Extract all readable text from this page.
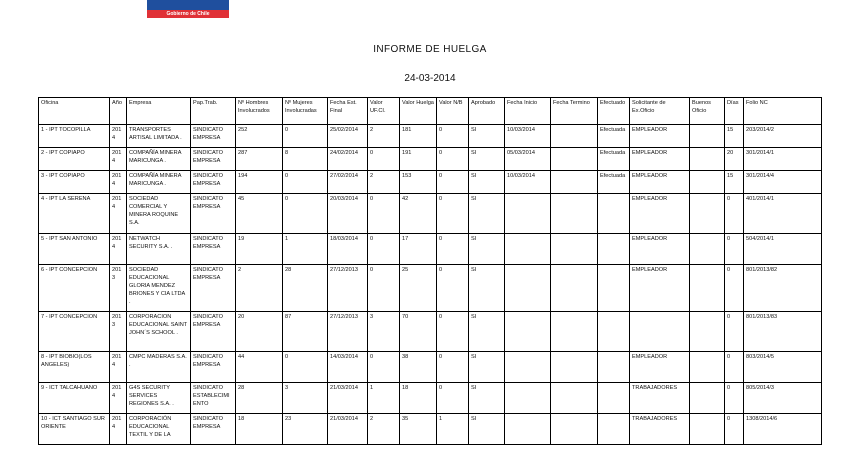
Gobierno de Chile
INFORME DE HUELGA
24-03-2014
Oficina	Año	Empresa	Pap.Trab.	Nº Hombres Involucrados	Nº Mujeres Involucradas	Fecha Est. Final	Valor UF.CI.	Valor Huelga	Valor N/B	Aprobado	Fecha Inicio	Fecha Termino	Efectuado	Solicitante de Ex.Oficio	Buenos Oficio	Días	Folio NC
1 - IPT TOCOPILLA	2014	TRANSPORTES ARTISAL LIMITADA .	SINDICATO EMPRESA	252	0	25/02/2014	2	181	0	SI	10/03/2014		Efectuada	EMPLEADOR		15	203/2014/2
2 - IPT COPIAPO	2014	COMPAÑÍA MINERA MARICUNGA .	SINDICATO EMPRESA	287	8	24/02/2014	0	191	0	SI	05/03/2014		Efectuada	EMPLEADOR		20	301/2014/1
3 - IPT COPIAPO	2014	COMPAÑÍA MINERA MARICUNGA .	SINDICATO EMPRESA	194	0	27/02/2014	2	153	0	SI	10/03/2014		Efectuada	EMPLEADOR		15	301/2014/4
4 - IPT LA SERENA	2014	SOCIEDAD COMERCIAL Y MINERA ROQUINE S.A.	SINDICATO EMPRESA	45	0	20/03/2014	0	42	0	SI				EMPLEADOR		0	401/2014/1
5 - IPT SAN ANTONIO	2014	NETWATCH SECURITY S.A. .	SINDICATO EMPRESA	19	1	18/03/2014	0	17	0	SI				EMPLEADOR		0	504/2014/1
6 - IPT CONCEPCION	2013	SOCIEDAD EDUCACIONAL GLORIA MENDEZ BRIONES Y CIA LTDA .	SINDICATO EMPRESA	2	28	27/12/2013	0	25	0	SI				EMPLEADOR		0	801/2013/82
7 - IPT CONCEPCION	2013	CORPORACION EDUCACIONAL SAINT JOHN´S SCHOOL .	SINDICATO EMPRESA	20	87	27/12/2013	3	70	0	SI						0	801/2013/83
8 - IPT BIOBIO(LOS ANGELES)	2014	CMPC MADERAS S.A. .	SINDICATO EMPRESA	44	0	14/03/2014	0	38	0	SI				EMPLEADOR		0	803/2014/5
9 - ICT TALCAHUANO	2014	G4S SECURITY SERVICES REGIONES S.A. .	SINDICATO ESTABLECIMIENTO	28	3	21/03/2014	1	18	0	SI				TRABAJADORES		0	805/2014/3
10 - ICT SANTIAGO SUR ORIENTE	2014	CORPORACIÓN EDUCACIONAL TEXTIL Y DE LA	SINDICATO EMPRESA	18	23	21/03/2014	2	35	1	SI				TRABAJADORES		0	1308/2014/6
